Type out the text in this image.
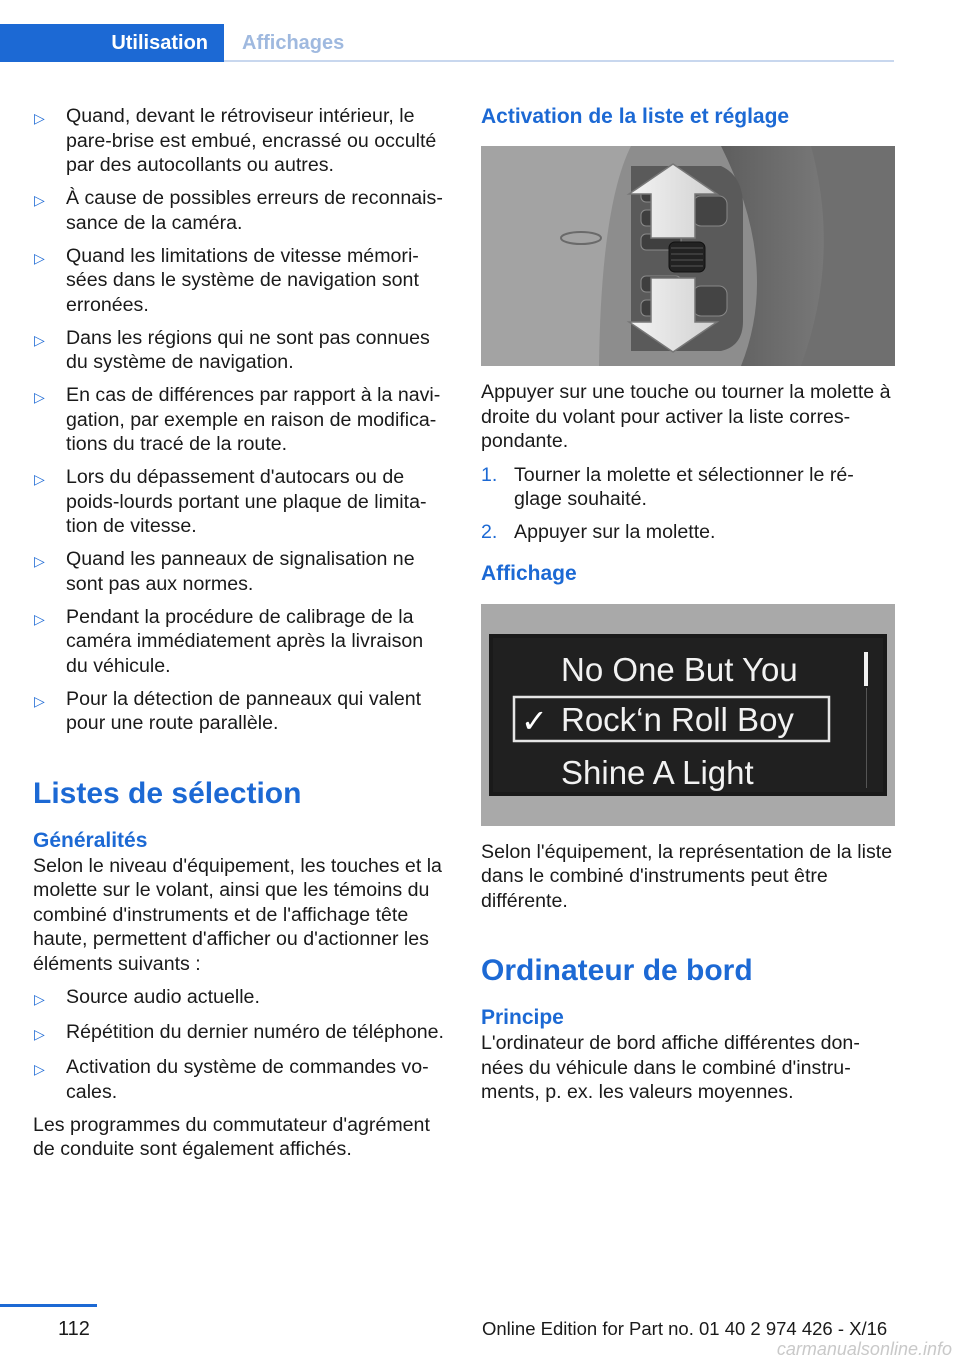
Utilisation	Affichages
▷	Quand, devant le rétroviseur intérieur, le pare-brise est embué, encrassé ou occulté par des autocollants ou autres.
▷	À cause de possibles erreurs de reconnaissance de la caméra.
▷	Quand les limitations de vitesse mémorisées dans le système de navigation sont erronées.
▷	Dans les régions qui ne sont pas connues du système de navigation.
▷	En cas de différences par rapport à la navigation, par exemple en raison de modifications du tracé de la route.
▷	Lors du dépassement d'autocars ou de poids-lourds portant une plaque de limitation de vitesse.
▷	Quand les panneaux de signalisation ne sont pas aux normes.
▷	Pendant la procédure de calibrage de la caméra immédiatement après la livraison du véhicule.
▷	Pour la détection de panneaux qui valent pour une route parallèle.
Listes de sélection
Généralités
Selon le niveau d'équipement, les touches et la molette sur le volant, ainsi que les témoins du combiné d'instruments et de l'affichage tête haute, permettent d'afficher ou d'actionner les éléments suivants :
▷	Source audio actuelle.
▷	Répétition du dernier numéro de téléphone.
▷	Activation du système de commandes vocales.
Les programmes du commutateur d'agrément de conduite sont également affichés.
Activation de la liste et réglage
Appuyer sur une touche ou tourner la molette à droite du volant pour activer la liste correspondante.
1. Tourner la molette et sélectionner le réglage souhaité.
2. Appuyer sur la molette.
Affichage
No One But You
✓ Rock‘n Roll Boy
Shine A Light
Selon l'équipement, la représentation de la liste dans le combiné d'instruments peut être différente.
Ordinateur de bord
Principe
L'ordinateur de bord affiche différentes données du véhicule dans le combiné d'instruments, p. ex. les valeurs moyennes.
112	Online Edition for Part no. 01 40 2 974 426 - X/16
carmanualsonline.info
